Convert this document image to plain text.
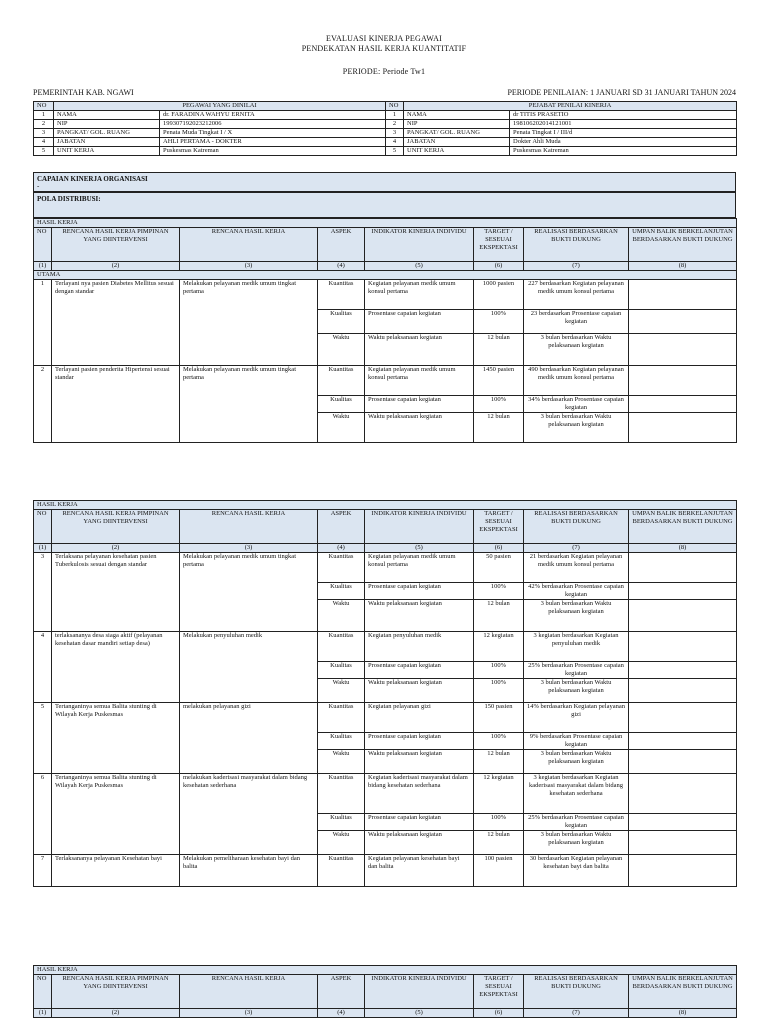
EVALUASI KINERJA PEGAWAI
PENDEKATAN HASIL KERJA KUANTITATIF
PERIODE: Periode Tw1
PEMERINTAH KAB. NGAWI	PERIODE PENILAIAN: 1 JANUARI SD 31 JANUARI TAHUN 2024
NO	PEGAWAI YANG DINILAI		NO	PEJABAT PENILAI KINERJA	
1	NAMA	dr. FARADINA WAHYU ERNITA	1	NAMA	dr TITIS PRASETIO
2	NIP	199307192023212006	2	NIP	198106202014121001
3	PANGKAT/ GOL. RUANG	Penata Muda Tingkat I / X	3	PANGKAT/ GOL. RUANG	Penata Tingkat I / III/d
4	JABATAN	AHLI PERTAMA - DOKTER	4	JABATAN	Dokter Ahli Muda
5	UNIT KERJA	Puskesmas Katreman	5	UNIT KERJA	Puskesmas Katreman
CAPAIAN KINERJA ORGANISASI
-
POLA DISTRIBUSI:
HASIL KERJA							
NO	RENCANA HASIL KERJA PIMPINAN YANG DIINTERVENSI	RENCANA HASIL KERJA	ASPEK	INDIKATOR KINERJA INDIVIDU	TARGET / SESEUAI EKSPEKTASI	REALISASI BERDASARKAN BUKTI DUKUNG	UMPAN BALIK BERKELANJUTAN BERDASARKAN BUKTI DUKUNG
(1)	(2)	(3)	(4)	(5)	(6)	(7)	(8)
UTAMA							
1	Terlayani nya pasien Diabetes Mellitus sesuai dengan standar	Melakukan pelayanan medik umum tingkat pertama	Kuantitas	Kegiatan pelayanan medik umum konsul pertama	1000 pasien	227 berdasarkan Kegiatan pelayanan medik umum konsul pertama	
			Kualitas	Prosentase capaian kegiatan	100%	23 berdasarkan Prosentase capaian kegiatan	
			Waktu	Waktu pelaksanaan kegiatan	12 bulan	3 bulan berdasarkan Waktu pelaksanaan kegiatan	
2	Terlayani pasien penderita Hipertensi sesuai standar	Melakukan pelayanan medik umum tingkat pertama	Kuantitas	Kegiatan pelayanan medik umum konsul pertama	1450 pasien	490 berdasarkan Kegiatan pelayanan medik umum konsul pertama	
			Kualitas	Prosentase capaian kegiatan	100%	34% berdasarkan Prosentase capaian kegiatan	
			Waktu	Waktu pelaksanaan kegiatan	12 bulan	3 bulan berdasarkan Waktu pelaksanaan kegiatan	
HASIL KERJA							
NO	RENCANA HASIL KERJA PIMPINAN YANG DIINTERVENSI	RENCANA HASIL KERJA	ASPEK	INDIKATOR KINERJA INDIVIDU	TARGET / SESEUAI EKSPEKTASI	REALISASI BERDASARKAN BUKTI DUKUNG	UMPAN BALIK BERKELANJUTAN BERDASARKAN BUKTI DUKUNG
(1)	(2)	(3)	(4)	(5)	(6)	(7)	(8)
3	Terlaksana pelayanan kesehatan pasien Tuberkulosis sesuai dengan standar	Melakukan pelayanan medik umum tingkat pertama	Kuantitas	Kegiatan pelayanan medik umum konsul pertama	50 pasien	21 berdasarkan Kegiatan pelayanan medik umum konsul pertama	
			Kualitas	Prosentase capaian kegiatan	100%	42% berdasarkan Prosentase capaian kegiatan	
			Waktu	Waktu pelaksanaan kegiatan	12 bulan	3 bulan berdasarkan Waktu pelaksanaan kegiatan	
4	terlaksananya desa siaga aktif (pelayanan kesehatan dasar mandiri setiap desa)	Melakukan penyuluhan medik	Kuantitas	Kegiatan penyuluhan medik	12 kegiatan	3 kegiatan berdasarkan Kegiatan penyuluhan medik	
			Kualitas	Prosentase capaian kegiatan	100%	25% berdasarkan Prosentase capaian kegiatan	
			Waktu	Waktu pelaksanaan kegiatan	100%	3 bulan berdasarkan Waktu pelaksanaan kegiatan	
5	Tertanganinya semua Balita stunting di Wilayah Kerja Puskesmas	melakukan pelayanan gizi	Kuantitas	Kegiatan pelayanan gizi	150 pasien	14% berdasarkan Kegiatan pelayanan gizi	
			Kualitas	Prosentase capaian kegiatan	100%	9% berdasarkan Prosentase capaian kegiatan	
			Waktu	Waktu pelaksanaan kegiatan	12 bulan	3 bulan berdasarkan Waktu pelaksanaan kegiatan	
6	Tertanganinya semua Balita stunting di Wilayah Kerja Puskesmas	melakukan kaderisasi masyarakat dalam bidang kesehatan sederhana	Kuantitas	Kegiatan kaderisasi masyarakat dalam bidang kesehatan sederhana	12 kegiatan	3 kegiatan berdasarkan Kegiatan kaderisasi masyarakat dalam bidang kesehatan sederhana	
			Kualitas	Prosentase capaian kegiatan	100%	25% berdasarkan Prosentase capaian kegiatan	
			Waktu	Waktu pelaksanaan kegiatan	12 bulan	3 bulan berdasarkan Waktu pelaksanaan kegiatan	
7	Terlaksananya pelayanan Kesehatan bayi	Melakukan pemeliharaan kesehatan bayi dan balita	Kuantitas	Kegiatan pelayanan kesehatan bayi dan balita	100 pasien	30 berdasarkan Kegiatan pelayanan kesehatan bayi dan balita	
HASIL KERJA							
NO	RENCANA HASIL KERJA PIMPINAN YANG DIINTERVENSI	RENCANA HASIL KERJA	ASPEK	INDIKATOR KINERJA INDIVIDU	TARGET / SESEUAI EKSPEKTASI	REALISASI BERDASARKAN BUKTI DUKUNG	UMPAN BALIK BERKELANJUTAN BERDASARKAN BUKTI DUKUNG
(1)	(2)	(3)	(4)	(5)	(6)	(7)	(8)
